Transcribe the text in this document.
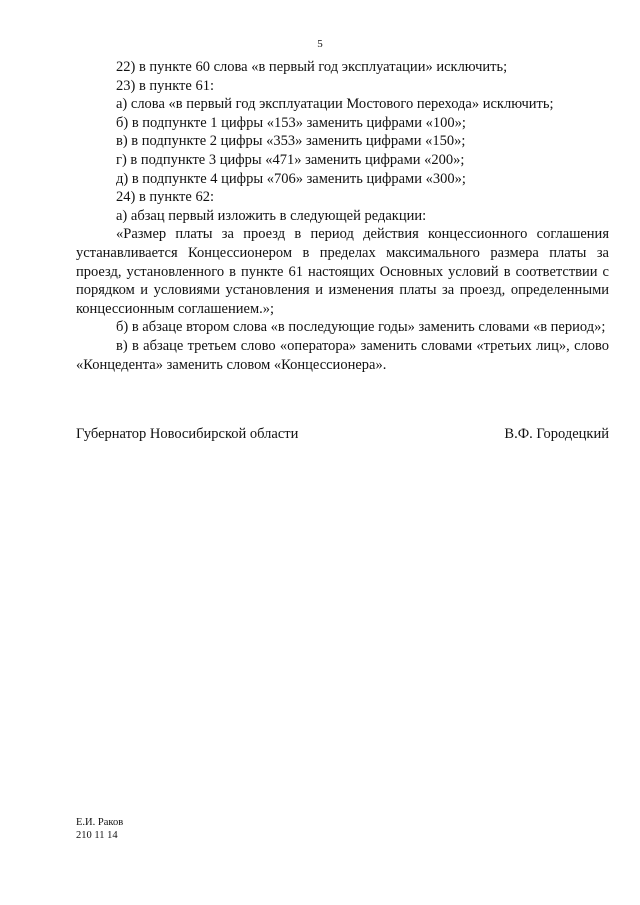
5

22) в пункте 60 слова «в первый год эксплуатации» исключить;

23) в пункте 61:

а) слова «в первый год эксплуатации Мостового перехода» исключить;

б) в подпункте 1 цифры «153» заменить цифрами «100»;

в) в подпункте 2 цифры «353» заменить цифрами «150»;

г) в подпункте 3 цифры «471» заменить цифрами «200»;

д) в подпункте 4 цифры «706» заменить цифрами «300»;

24) в пункте 62:

а) абзац первый изложить в следующей редакции:

«Размер платы за проезд в период действия концессионного соглашения устанавливается Концессионером в пределах максимального размера платы за проезд, установленного в пункте 61 настоящих Основных условий в соответствии с порядком и условиями установления и изменения платы за проезд, определенными концессионным соглашением.»;

б) в абзаце втором слова «в последующие годы» заменить словами «в период»;

в) в абзаце третьем слово «оператора» заменить словами «третьих лиц», слово «Концедента» заменить словом «Концессионера».

Губернатор Новосибирской области	В.Ф. Городецкий
Е.И. Раков
210 11 14
